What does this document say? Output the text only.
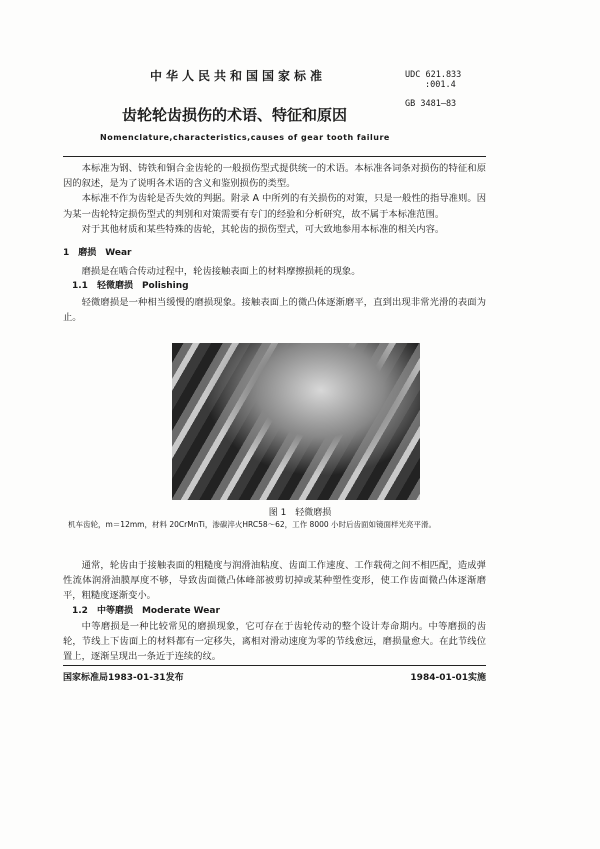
中华人民共和国国家标准	UDC 621.833
:001.4
GB 3481—83
齿轮轮齿损伤的术语、特征和原因
Nomenclature,characteristics,causes of gear tooth failure

本标准为钢、铸铁和铜合金齿轮的一般损伤型式提供统一的术语。本标准各词条对损伤的特征和原因的叙述，是为了说明各术语的含义和鉴别损伤的类型。

本标准不作为齿轮是否失效的判据。附录 A 中所列的有关损伤的对策，只是一般性的指导准则。因为某一齿轮特定损伤型式的判别和对策需要有专门的经验和分析研究，故不属于本标准范围。

对于其他材质和某些特殊的齿轮，其轮齿的损伤型式，可大致地参用本标准的相关内容。

1　磨损　Wear

磨损是在啮合传动过程中，轮齿接触表面上的材料摩擦损耗的现象。

1.1　轻微磨损　Polishing

轻微磨损是一种相当缓慢的磨损现象。接触表面上的微凸体逐渐磨平，直到出现非常光滑的表面为止。

图 1　轻微磨损
机车齿轮，m＝12mm，材料 20CrMnTi，渗碳淬火HRC58～62，工作 8000 小时后齿面如镜面样光亮平滑。

通常，轮齿由于接触表面的粗糙度与润滑油粘度、齿面工作速度、工作载荷之间不相匹配，造成弹性流体润滑油膜厚度不够，导致齿面微凸体峰部被剪切掉或某种塑性变形，使工作齿面微凸体逐渐磨平，粗糙度逐渐变小。

1.2　中等磨损　Moderate Wear

中等磨损是一种比较常见的磨损现象，它可存在于齿轮传动的整个设计寿命期内。中等磨损的齿轮，节线上下齿面上的材料都有一定移失，离相对滑动速度为零的节线愈远，磨损量愈大。在此节线位置上，逐渐呈现出一条近于连续的纹。

国家标准局1983-01-31发布	1984-01-01实施
